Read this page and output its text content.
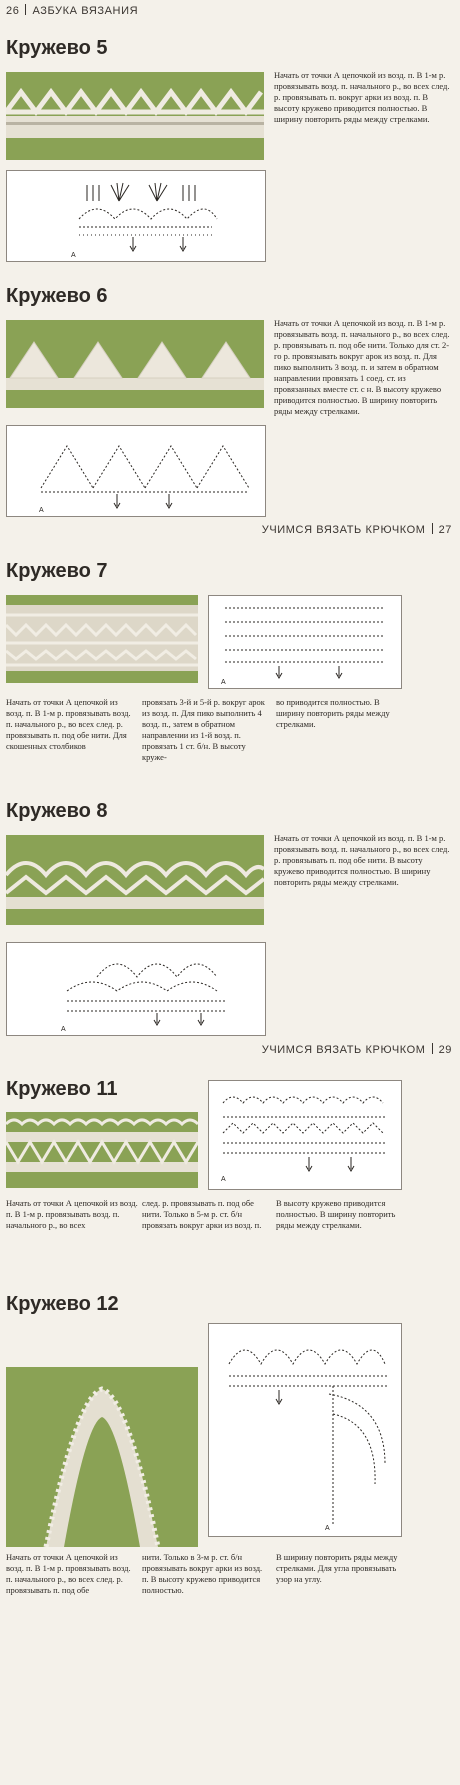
26 АЗБУКА ВЯЗАНИЯ
Кружево 5
Начать от точки А цепочкой из возд. п. В 1-м р. провязывать возд. п. начального р., во всех след. р. провязывать п. вокруг арки из возд. п. В высоту кружево приводится полностью. В ширину повторить ряды между стрелками.
А
Кружево 6
Начать от точки А цепочкой из возд. п. В 1-м р. провязывать возд. п. начального р., во всех след. р. провязывать п. под обе нити. Только для ст. 2-го р. провязывать вокруг арок из возд. п. Для пико выполнить 3 возд. п. и затем в обратном направлении провязать 1 соед. ст. из провязанных вместе ст. с н. В высоту кружево приводится полностью. В ширину повторить ряды между стрелками.
А
УЧИМСЯ ВЯЗАТЬ КРЮЧКОМ 27
Кружево 7
А
Начать от точки А цепочкой из возд. п. В 1-м р. провязывать возд. п. начального р., во всех след. р. провязывать п. под обе нити. Для скошенных столбиков
провязать 3-й и 5-й р. вокруг арок из возд. п. Для пико выполнить 4 возд. п., затем в обратном направлении из 1-й возд. п. провязать 1 ст. б/н. В высоту круже-
во приводится полностью. В ширину повторить ряды между стрелками.
Кружево 8
Начать от точки А цепочкой из возд. п. В 1-м р. провязывать возд. п. начального р., во всех след. р. провязывать п. под обе нити. В высоту кружево приводится полностью. В ширину повторить ряды между стрелками.
А
УЧИМСЯ ВЯЗАТЬ КРЮЧКОМ 29
Кружево 11
А
Начать от точки А цепочкой из возд. п. В 1-м р. провязывать возд. п. начального р., во всех
след. р. провязывать п. под обе нити. Только в 5-м р. ст. б/н провязать вокруг арки из возд. п.
В высоту кружево приводится полностью. В ширину повторить ряды между стрелками.
Кружево 12
А
Начать от точки А цепочкой из возд. п. В 1-м р. провязывать возд. п. начального р., во всех след. р. провязывать п. под обе
нити. Только в 3-м р. ст. б/н провязывать вокруг арки из возд. п. В высоту кружево приводится полностью.
В ширину повторить ряды между стрелками. Для угла провязывать узор на углу.
